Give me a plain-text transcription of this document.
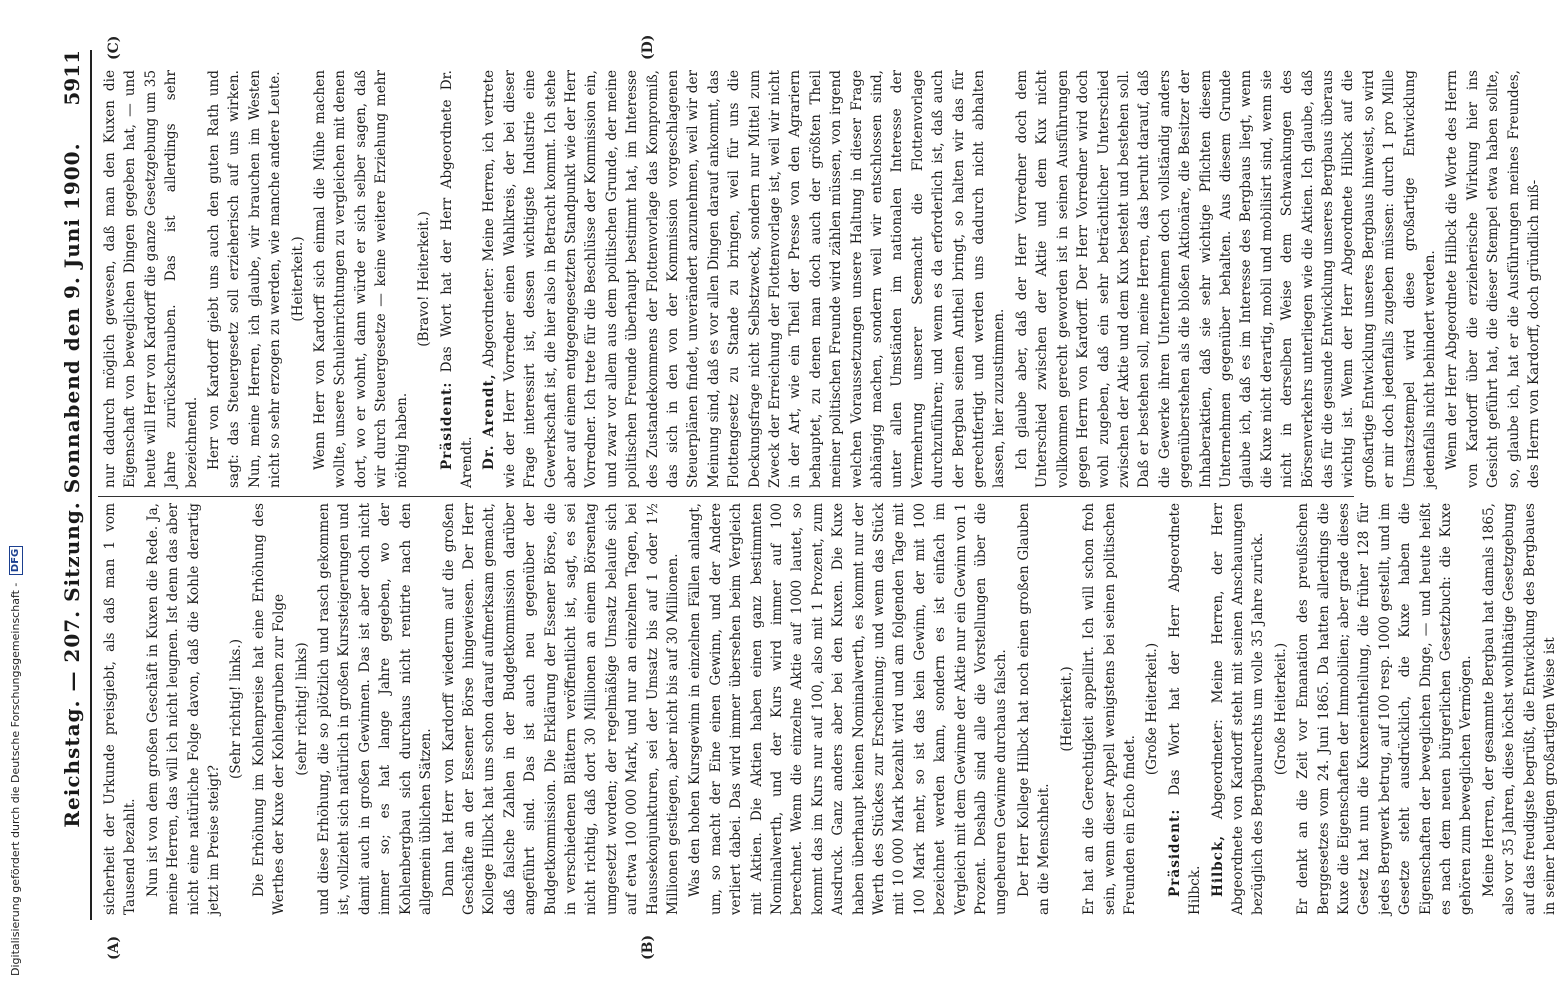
Reichstag. — 207. Sitzung. Sonnabend den 9. Juni 1900.
5911
(A)	(B)
(C)	(D)

sicherheit der Urkunde preisgiebt, als daß man 1 vom Tausend bezahlt. Nun ist von dem großen Geschäft in Kuxen die Rede. Ja, meine Herren, das will ich nicht leugnen. Ist denn das aber nicht eine natürliche Folge davon, daß die Kohle derartig jetzt im Preise steigt?

(Sehr richtig! links.) Die Erhöhung im Kohlenpreise hat eine Erhöhung des Werthes der Kuxe der Kohlengruben zur Folge (sehr richtig! links) und diese Erhöhung, die so plötzlich und rasch gekommen ist, vollzieht sich natürlich in großen Kurssteigerungen und damit auch in großen Gewinnen. Das ist aber doch nicht immer so; es hat lange Jahre gegeben, wo der Kohlenbergbau sich durchaus nicht rentirte nach den allgemein üblichen Sätzen. Dann hat Herr von Kardorff wiederum auf die großen Geschäfte an der Essener Börse hingewiesen. Der Herr Kollege Hilbck hat uns schon darauf aufmerksam gemacht, daß falsche Zahlen in der Budgetkommission darüber angeführt sind. Das ist auch neu gegenüber der Budgetkommission. Die Erklärung der Essener Börse, die in verschiedenen Blättern veröffentlicht ist, sagt, es sei nicht richtig, daß dort 30 Millionen an einem Börsentag umgesetzt worden; der regelmäßige Umsatz belaufe sich auf etwa 100 000 Mark, und nur an einzelnen Tagen, bei Haussekonjunkturen, sei der Umsatz bis auf 1 oder 1½ Millionen gestiegen, aber nicht bis auf 30 Millionen. Was den hohen Kursgewinn in einzelnen Fällen anlangt, um, so macht der Eine einen Gewinn, und der Andere verliert dabei. Das wird immer übersehen beim Vergleich mit Aktien. Die Aktien haben einen ganz bestimmten Nominalwerth, und der Kurs wird immer auf 100 berechnet. Wenn die einzelne Aktie auf 1000 lautet, so kommt das im Kurs nur auf 100, also mit 1 Prozent, zum Ausdruck. Ganz anders aber bei den Kuxen. Die Kuxe haben überhaupt keinen Nominalwerth, es kommt nur der Werth des Stückes zur Erscheinung; und wenn das Stück mit 10 000 Mark bezahlt wird und am folgenden Tage mit 100 Mark mehr, so ist das kein Gewinn, der mit 100 bezeichnet werden kann, sondern es ist einfach im Vergleich mit dem Gewinne der Aktie nur ein Gewinn von 1 Prozent. Deshalb sind alle die Vorstellungen über die ungeheuren Gewinne durchaus falsch. Der Herr Kollege Hilbck hat noch einen großen Glauben an die Menschheit.

(Heiterkeit.) Er hat an die Gerechtigkeit appellirt. Ich will schon froh sein, wenn dieser Appell wenigstens bei seinen politischen Freunden ein Echo findet.

(Große Heiterkeit.)

Präsident: Das Wort hat der Herr Abgeordnete Hilbck. Hilbck, Abgeordneter: Meine Herren, der Herr Abgeordnete von Kardorff steht mit seinen Anschauungen bezüglich des Bergbaurechts um volle 35 Jahre zurück. (Große Heiterkeit.) Er denkt an die Zeit vor Emanation des preußischen Berggesetzes vom 24. Juni 1865. Da hatten allerdings die Kuxe die Eigenschaften der Immobilien; aber grade dieses Gesetz hat nun die Kuxeneintheilung, die früher 128 für jedes Bergwerk betrug, auf 100 resp. 1000 gestellt, und im Gesetze steht ausdrücklich, die Kuxe haben die Eigenschaften der beweglichen Dinge, — und heute heißt es nach dem neuen bürgerlichen Gesetzbuch: die Kuxe gehören zum beweglichen Vermögen. Meine Herren, der gesammte Bergbau hat damals 1865, also vor 35 Jahren, diese höchst wohlthätige Gesetzgebung auf das freudigste begrüßt, die Entwicklung des Bergbaues in seiner heutigen großartigen Weise ist

nur dadurch möglich gewesen, daß man den Kuxen die Eigenschaft von beweglichen Dingen gegeben hat, — und heute will Herr von Kardorff die ganze Gesetzgebung um 35 Jahre zurückschrauben. Das ist allerdings sehr bezeichnend. Herr von Kardorff giebt uns auch den guten Rath und sagt: das Steuergesetz soll erzieherisch auf uns wirken. Nun, meine Herren, ich glaube, wir brauchen im Westen nicht so sehr erzogen zu werden, wie manche andere Leute. (Heiterkeit.) Wenn Herr von Kardorff sich einmal die Mühe machen wollte, unsere Schuleinrichtungen zu vergleichen mit denen dort, wo er wohnt, dann würde er sich selber sagen, daß wir durch Steuergesetze — keine weitere Erziehung mehr nöthig haben.

(Bravo! Heiterkeit.)

Präsident: Das Wort hat der Herr Abgeordnete Dr. Arendt. Dr. Arendt, Abgeordneter: Meine Herren, ich vertrete wie der Herr Vorredner einen Wahlkreis, der bei dieser Frage interessirt ist, dessen wichtigste Industrie eine Gewerkschaft ist, die hier also in Betracht kommt. Ich stehe aber auf einem entgegengesetzten Standpunkt wie der Herr Vorredner. Ich trete für die Beschlüsse der Kommission ein, und zwar vor allem aus dem politischen Grunde, der meine politischen Freunde überhaupt bestimmt hat, im Interesse des Zustandekommens der Flottenvorlage das Kompromiß, das sich in den von der Kommission vorgeschlagenen Steuerplänen findet, unverändert anzunehmen, weil wir der Meinung sind, daß es vor allen Dingen darauf ankommt, das Flottengesetz zu Stande zu bringen, weil für uns die Deckungsfrage nicht Selbstzweck, sondern nur Mittel zum Zweck der Erreichung der Flottenvorlage ist, weil wir nicht in der Art, wie ein Theil der Presse von den Agrariern behauptet, zu denen man doch auch der größten Theil meiner politischen Freunde wird zählen müssen, von irgend welchen Voraussetzungen unsere Haltung in dieser Frage abhängig machen, sondern weil wir entschlossen sind, unter allen Umständen im nationalen Interesse der Vermehrung unserer Seemacht die Flottenvorlage durchzuführen; und wenn es da erforderlich ist, daß auch der Bergbau seinen Antheil bringt, so halten wir das für gerechtfertigt und werden uns dadurch nicht abhalten lassen, hier zuzustimmen. Ich glaube aber, daß der Herr Vorredner doch dem Unterschied zwischen der Aktie und dem Kux nicht vollkommen gerecht geworden ist in seinen Ausführungen gegen Herrn von Kardorff. Der Herr Vorredner wird doch wohl zugeben, daß ein sehr beträchtlicher Unterschied zwischen der Aktie und dem Kux besteht und bestehen soll. Daß er bestehen soll, meine Herren, das beruht darauf, daß die Gewerke ihren Unternehmen doch vollständig anders gegenüberstehen als die bloßen Aktionäre, die Besitzer der Inhaberaktien, daß sie sehr wichtige Pflichten diesem Unternehmen gegenüber behalten. Aus diesem Grunde glaube ich, daß es im Interesse des Bergbaus liegt, wenn die Kuxe nicht derartig, mobil und mobilisirt sind, wenn sie nicht in derselben Weise dem Schwankungen des Börsenverkehrs unterliegen wie die Aktien. Ich glaube, daß das für die gesunde Entwicklung unseres Bergbaus überaus wichtig ist. Wenn der Herr Abgeordnete Hilbck auf die großartige Entwicklung unseres Bergbaus hinweist, so wird er mir doch jedenfalls zugeben müssen: durch 1 pro Mille Umsatzstempel wird diese großartige Entwicklung jedenfalls nicht behindert werden. Wenn der Herr Abgeordnete Hilbck die Worte des Herrn von Kardorff über die erzieherische Wirkung hier ins Gesicht geführt hat, die dieser Stempel etwa haben sollte, so, glaube ich, hat er die Ausführungen meines Freundes, des Herrn von Kardorff, doch gründlich miß-

Digitalisierung gefördert durch die Deutsche Forschungsgemeinschaft - DFG
